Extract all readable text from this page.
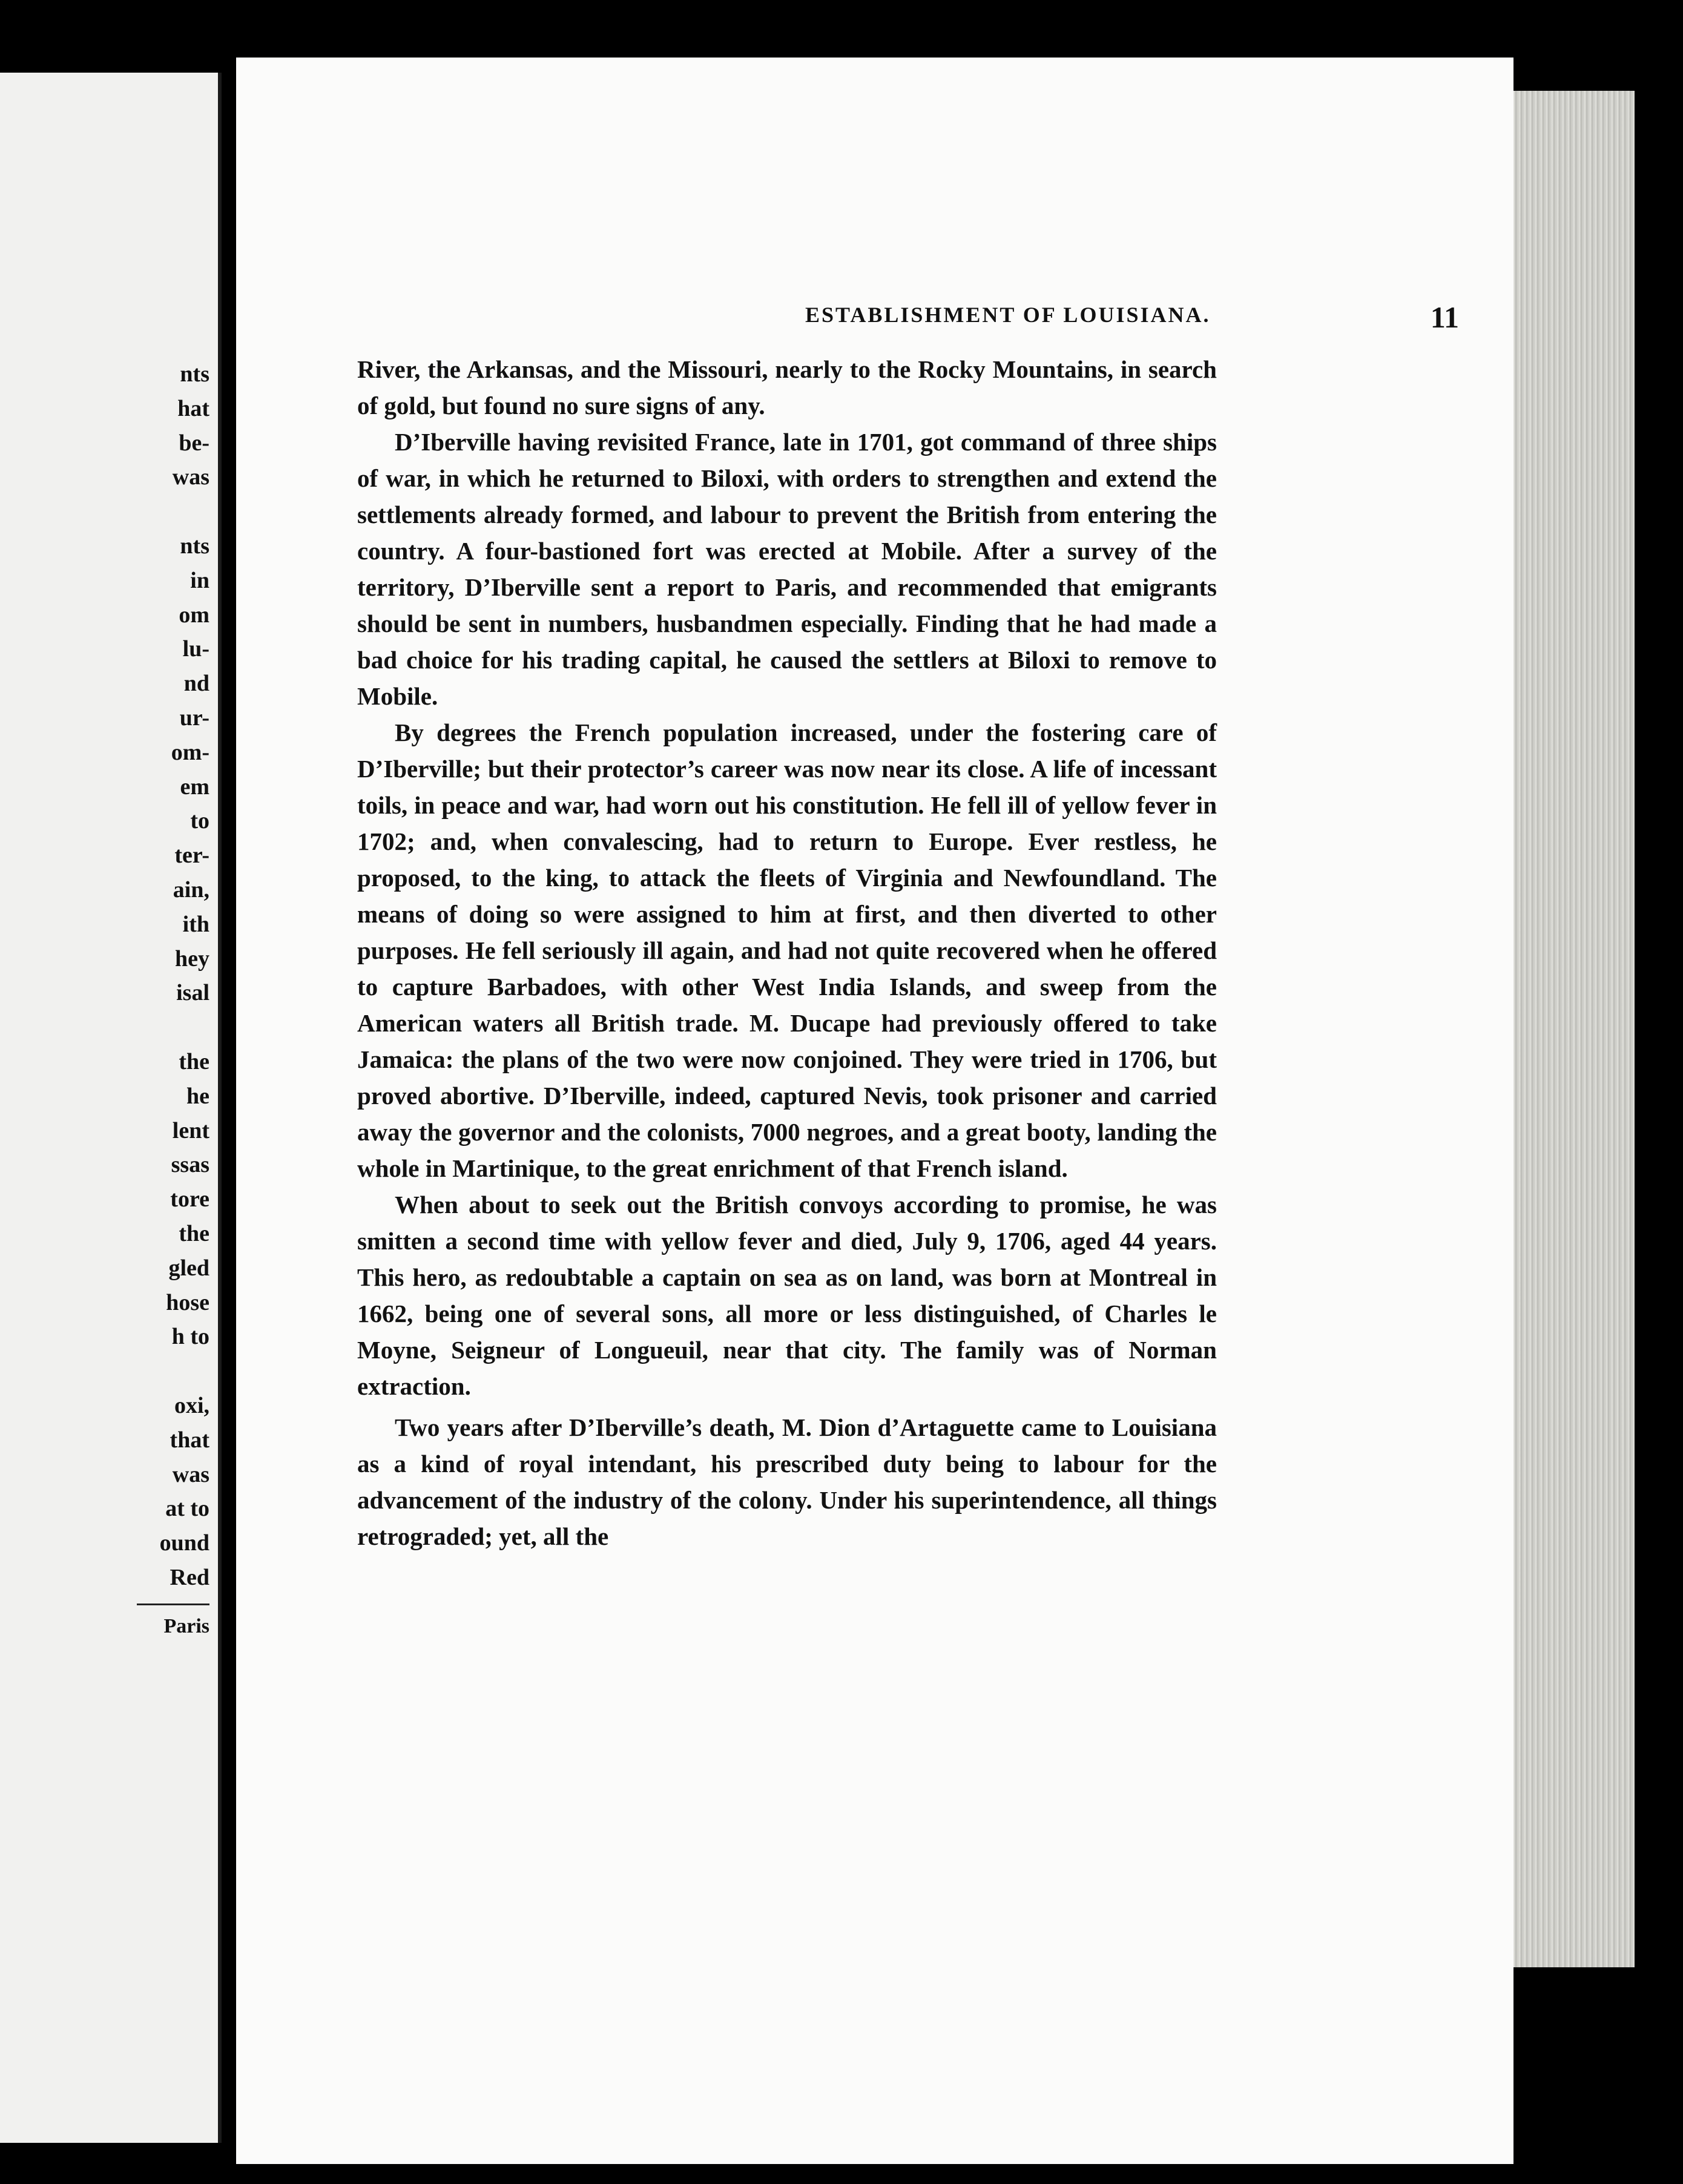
nts
hat
be-
was
nts
in
om
lu-
nd
ur-
om-
em
to
ter-
ain,
ith
hey
isal
the
he
lent
ssas
tore
the
gled
hose
h to
oxi,
that
was
at to
ound
Red
Paris
ESTABLISHMENT OF LOUISIANA.	11

River, the Arkansas, and the Missouri, nearly to the Rocky Mountains, in search of gold, but found no sure signs of any.

D’Iberville having revisited France, late in 1701, got command of three ships of war, in which he returned to Biloxi, with orders to strengthen and extend the settlements already formed, and labour to prevent the British from entering the country. A four-bastioned fort was erected at Mobile. After a survey of the territory, D’Iberville sent a report to Paris, and recommended that emigrants should be sent in numbers, husbandmen especially. Finding that he had made a bad choice for his trading capital, he caused the settlers at Biloxi to remove to Mobile.

By degrees the French population increased, under the fostering care of D’Iberville; but their protector’s career was now near its close. A life of incessant toils, in peace and war, had worn out his constitution. He fell ill of yellow fever in 1702; and, when convalescing, had to return to Europe. Ever restless, he proposed, to the king, to attack the fleets of Virginia and Newfoundland. The means of doing so were assigned to him at first, and then diverted to other purposes. He fell seriously ill again, and had not quite recovered when he offered to capture Barbadoes, with other West India Islands, and sweep from the American waters all British trade. M. Ducape had previously offered to take Jamaica: the plans of the two were now conjoined. They were tried in 1706, but proved abortive. D’Iberville, indeed, captured Nevis, took prisoner and carried away the governor and the colonists, 7000 negroes, and a great booty, landing the whole in Martinique, to the great enrichment of that French island.

When about to seek out the British convoys according to promise, he was smitten a second time with yellow fever and died, July 9, 1706, aged 44 years. This hero, as redoubtable a captain on sea as on land, was born at Montreal in 1662, being one of several sons, all more or less distinguished, of Charles le Moyne, Seigneur of Longueuil, near that city. The family was of Norman extraction.

Two years after D’Iberville’s death, M. Dion d’Artaguette came to Louisiana as a kind of royal intendant, his prescribed duty being to labour for the advancement of the industry of the colony. Under his superintendence, all things retrograded; yet, all the
